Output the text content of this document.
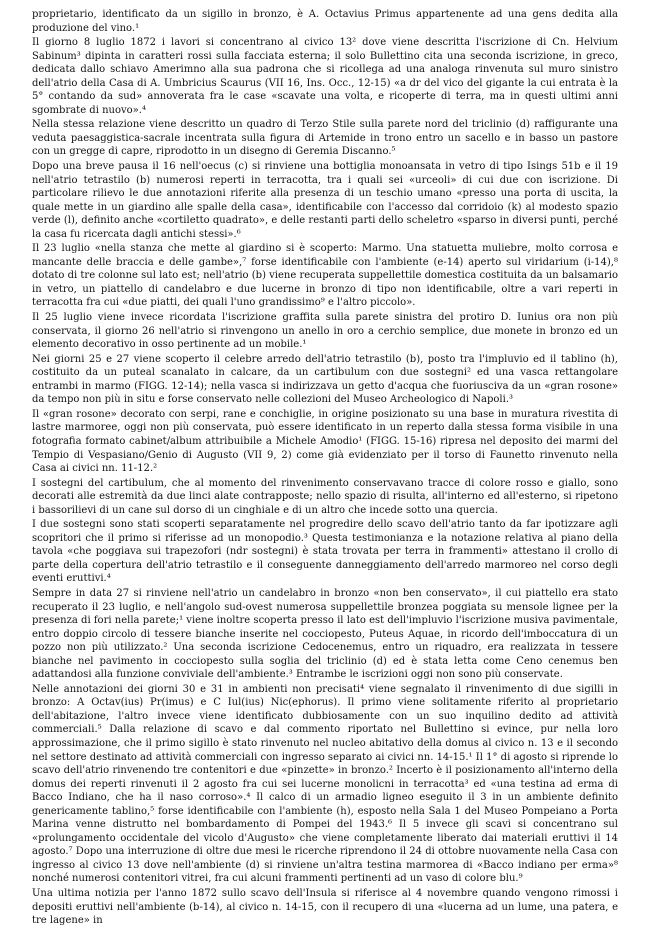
proprietario, identificato da un sigillo in bronzo, è A. Octavius Primus appartenente ad una gens dedita alla produzione del vino.¹

Il giorno 8 luglio 1872 i lavori si concentrano al civico 13² dove viene descritta l'iscrizione di Cn. Helvium Sabinum³ dipinta in caratteri rossi sulla facciata esterna; il solo Bullettino cita una seconda iscrizione, in greco, dedicata dallo schiavo Amerimno alla sua padrona che si ricollega ad una analoga rinvenuta sul muro sinistro dell'atrio della Casa di A. Umbricius Scaurus (VII 16, Ins. Occ., 12-15) «a dr del vico del gigante la cui entrata è la 5° contando da sud» annoverata fra le case «scavate una volta, e ricoperte di terra, ma in questi ultimi anni sgombrate di nuovo».⁴

Nella stessa relazione viene descritto un quadro di Terzo Stile sulla parete nord del triclinio (d) raffigurante una veduta paesaggistica-sacrale incentrata sulla figura di Artemide in trono entro un sacello e in basso un pastore con un gregge di capre, riprodotto in un disegno di Geremia Discanno.⁵

Dopo una breve pausa il 16 nell'oecus (c) si rinviene una bottiglia monoansata in vetro di tipo Isings 51b e il 19 nell'atrio tetrastilo (b) numerosi reperti in terracotta, tra i quali sei «urceoli» di cui due con iscrizione. Di particolare rilievo le due annotazioni riferite alla presenza di un teschio umano «presso una porta di uscita, la quale mette in un giardino alle spalle della casa», identificabile con l'accesso dal corridoio (k) al modesto spazio verde (l), definito anche «cortiletto quadrato», e delle restanti parti dello scheletro «sparso in diversi punti, perché la casa fu ricercata dagli antichi stessi».⁶

Il 23 luglio «nella stanza che mette al giardino si è scoperto: Marmo. Una statuetta muliebre, molto corrosa e mancante delle braccia e delle gambe»,⁷ forse identificabile con l'ambiente (e-14) aperto sul viridarium (i-14),⁸ dotato di tre colonne sul lato est; nell'atrio (b) viene recuperata suppellettile domestica costituita da un balsamario in vetro, un piattello di candelabro e due lucerne in bronzo di tipo non identificabile, oltre a vari reperti in terracotta fra cui «due piatti, dei quali l'uno grandissimo⁹ e l'altro piccolo».

Il 25 luglio viene invece ricordata l'iscrizione graffita sulla parete sinistra del protiro D. Iunius ora non più conservata, il giorno 26 nell'atrio si rinvengono un anello in oro a cerchio semplice, due monete in bronzo ed un elemento decorativo in osso pertinente ad un mobile.¹

Nei giorni 25 e 27 viene scoperto il celebre arredo dell'atrio tetrastilo (b), posto tra l'impluvio ed il tablino (h), costituito da un puteal scanalato in calcare, da un cartibulum con due sostegni² ed una vasca rettangolare entrambi in marmo (FIGG. 12-14); nella vasca si indirizzava un getto d'acqua che fuoriusciva da un «gran rosone» da tempo non più in situ e forse conservato nelle collezioni del Museo Archeologico di Napoli.³

Il «gran rosone» decorato con serpi, rane e conchiglie, in origine posizionato su una base in muratura rivestita di lastre marmoree, oggi non più conservata, può essere identificato in un reperto dalla stessa forma visibile in una fotografia formato cabinet/album attribuibile a Michele Amodio¹ (FIGG. 15-16) ripresa nel deposito dei marmi del Tempio di Vespasiano/Genio di Augusto (VII 9, 2) come già evidenziato per il torso di Faunetto rinvenuto nella Casa ai civici nn. 11-12.²

I sostegni del cartibulum, che al momento del rinvenimento conservavano tracce di colore rosso e giallo, sono decorati alle estremità da due linci alate contrapposte; nello spazio di risulta, all'interno ed all'esterno, si ripetono i bassorilievi di un cane sul dorso di un cinghiale e di un altro che incede sotto una quercia.

I due sostegni sono stati scoperti separatamente nel progredire dello scavo dell'atrio tanto da far ipotizzare agli scopritori che il primo si riferisse ad un monopodio.³ Questa testimonianza e la notazione relativa al piano della tavola «che poggiava sui trapezofori (ndr sostegni) è stata trovata per terra in frammenti» attestano il crollo di parte della copertura dell'atrio tetrastilo e il conseguente danneggiamento dell'arredo marmoreo nel corso degli eventi eruttivi.⁴

Sempre in data 27 si rinviene nell'atrio un candelabro in bronzo «non ben conservato», il cui piattello era stato recuperato il 23 luglio, e nell'angolo sud-ovest numerosa suppellettile bronzea poggiata su mensole lignee per la presenza di fori nella parete;¹ viene inoltre scoperta presso il lato est dell'impluvio l'iscrizione musiva pavimentale, entro doppio circolo di tessere bianche inserite nel cocciopesto, Puteus Aquae, in ricordo dell'imboccatura di un pozzo non più utilizzato.² Una seconda iscrizione Cedocenemus, entro un riquadro, era realizzata in tessere bianche nel pavimento in cocciopesto sulla soglia del triclinio (d) ed è stata letta come Ceno cenemus ben adattandosi alla funzione conviviale dell'ambiente.³ Entrambe le iscrizioni oggi non sono più conservate.

Nelle annotazioni dei giorni 30 e 31 in ambienti non precisati⁴ viene segnalato il rinvenimento di due sigilli in bronzo: A Octav(ius) Pr(imus) e C Iul(ius) Nic(ephorus). Il primo viene solitamente riferito al proprietario dell'abitazione, l'altro invece viene identificato dubbiosamente con un suo inquilino dedito ad attività commerciali.⁵ Dalla relazione di scavo e dal commento riportato nel Bullettino si evince, pur nella loro approssimazione, che il primo sigillo è stato rinvenuto nel nucleo abitativo della domus al civico n. 13 e il secondo nel settore destinato ad attività commerciali con ingresso separato ai civici nn. 14-15.¹ Il 1° di agosto si riprende lo scavo dell'atrio rinvenendo tre contenitori e due «pinzette» in bronzo.² Incerto è il posizionamento all'interno della domus dei reperti rinvenuti il 2 agosto fra cui sei lucerne monolicni in terracotta³ ed «una testina ad erma di Bacco Indiano, che ha il naso corroso».⁴ Il calco di un armadio ligneo eseguito il 3 in un ambiente definito genericamente tablino,⁵ forse identificabile con l'ambiente (h), esposto nella Sala 1 del Museo Pompeiano a Porta Marina venne distrutto nel bombardamento di Pompei del 1943.⁶ Il 5 invece gli scavi si concentrano sul «prolungamento occidentale del vicolo d'Augusto» che viene completamente liberato dai materiali eruttivi il 14 agosto.⁷ Dopo una interruzione di oltre due mesi le ricerche riprendono il 24 di ottobre nuovamente nella Casa con ingresso al civico 13 dove nell'ambiente (d) si rinviene un'altra testina marmorea di «Bacco indiano per erma»⁸ nonché numerosi contenitori vitrei, fra cui alcuni frammenti pertinenti ad un vaso di colore blu.⁹

Una ultima notizia per l'anno 1872 sullo scavo dell'Insula si riferisce al 4 novembre quando vengono rimossi i depositi eruttivi nell'ambiente (b-14), al civico n. 14-15, con il recupero di una «lucerna ad un lume, una patera, e tre lagene» in
